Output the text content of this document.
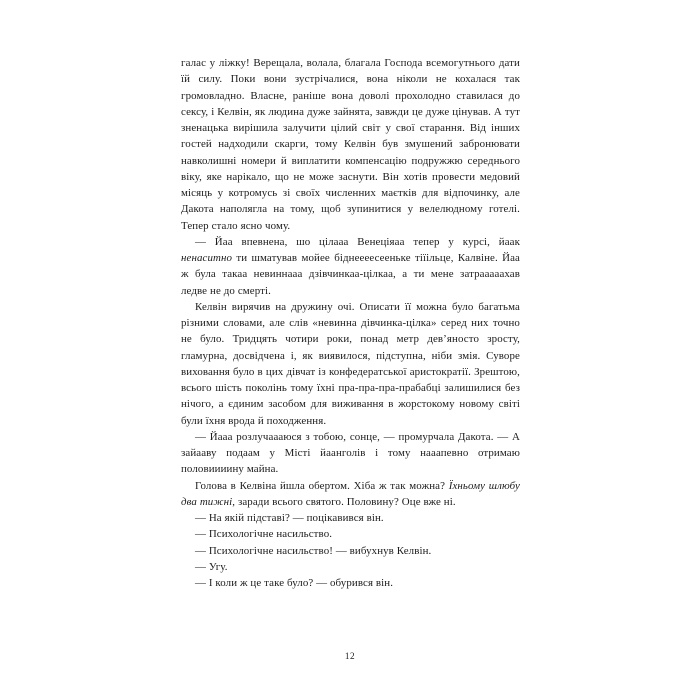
галас у ліжку! Верещала, волала, благала Господа всемогутнього дати їй силу. Поки вони зустрічалися, вона ніколи не кохалася так громовладно. Власне, раніше вона доволі прохолодно ставилася до сексу, і Келвін, як людина дуже зайнята, завжди це дуже цінував. А тут зненацька вирішила залучити цілий світ у свої старання. Від інших гостей надходили скарги, тому Келвін був змушений забронювати навколишні номери й виплатити компенсацію подружжю середнього віку, яке нарікало, що не може заснути. Він хотів провести медовий місяць у котромусь зі своїх численних маєтків для відпочинку, але Дакота наполягла на тому, щоб зупинитися у велелюдному готелі. Тепер стало ясно чому.

— Йаа впевнена, шо цілааа Венеціяаа тепер у курсі, йаак ненаситно ти шматував мойее біднеееесееньке тіїільце, Калвіне. Йаа ж була такаа невиннааа дзівчинкаа-цілкаа, а ти мене затрааааахав ледве не до смерті.

Келвін вирячив на дружину очі. Описати її можна було багатьма різними словами, але слів «невинна дівчинка-цілка» серед них точно не було. Тридцять чотири роки, понад метр дев’яносто зросту, гламурна, досвідчена і, як виявилося, підступна, ніби змія. Суворе виховання було в цих дівчат із конфедератської аристократії. Зрештою, всього шість поколінь тому їхні пра-пра-пра-прабабці залишилися без нічого, а єдиним засобом для виживання в жорстокому новому світі були їхня врода й походження.

— Йааа розлучаааюся з тобою, сонце, — промурчала Дакота. — А зайааву подаам у Місті йаанголів і тому нааапевно отримаю половиииину майна.

Голова в Келвіна йшла обертом. Хіба ж так можна? Їхньому шлюбу два тижні, заради всього святого. Половину? Оце вже ні.

— На якій підставі? — поцікавився він.

— Психологічне насильство.

— Психологічне насильство! — вибухнув Келвін.

— Угу.

— І коли ж це таке було? — обурився він.

12
